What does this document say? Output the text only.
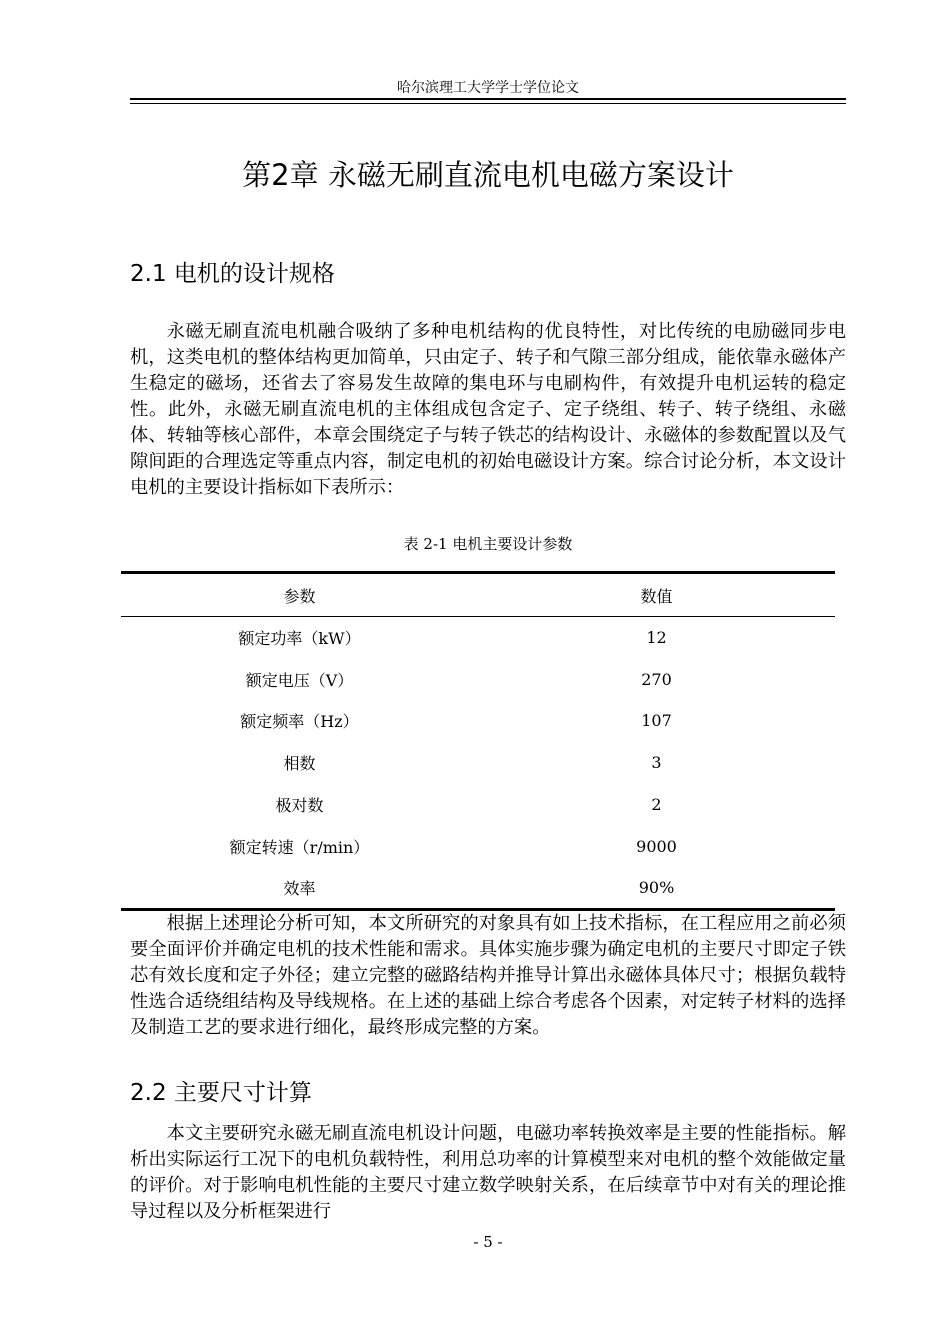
哈尔滨理工大学学士学位论文
第2章 永磁无刷直流电机电磁方案设计
2.1 电机的设计规格

永磁无刷直流电机融合吸纳了多种电机结构的优良特性，对比传统的电励磁同步电机，这类电机的整体结构更加简单，只由定子、转子和气隙三部分组成，能依靠永磁体产生稳定的磁场，还省去了容易发生故障的集电环与电刷构件，有效提升电机运转的稳定性。此外，永磁无刷直流电机的主体组成包含定子、定子绕组、转子、转子绕组、永磁体、转轴等核心部件，本章会围绕定子与转子铁芯的结构设计、永磁体的参数配置以及气隙间距的合理选定等重点内容，制定电机的初始电磁设计方案。综合讨论分析，本文设计电机的主要设计指标如下表所示：

表 2-1 电机主要设计参数
参数	数值
额定功率（kW）	12
额定电压（V）	270
额定频率（Hz）	107
相数	3
极对数	2
额定转速（r/min）	9000
效率	90%

根据上述理论分析可知，本文所研究的对象具有如上技术指标，在工程应用之前必须要全面评价并确定电机的技术性能和需求。具体实施步骤为确定电机的主要尺寸即定子铁芯有效长度和定子外径；建立完整的磁路结构并推导计算出永磁体具体尺寸；根据负载特性选合适绕组结构及导线规格。在上述的基础上综合考虑各个因素，对定转子材料的选择及制造工艺的要求进行细化，最终形成完整的方案。

2.2 主要尺寸计算

本文主要研究永磁无刷直流电机设计问题，电磁功率转换效率是主要的性能指标。解析出实际运行工况下的电机负载特性，利用总功率的计算模型来对电机的整个效能做定量的评价。对于影响电机性能的主要尺寸建立数学映射关系，在后续章节中对有关的理论推导过程以及分析框架进行

- 5 -
